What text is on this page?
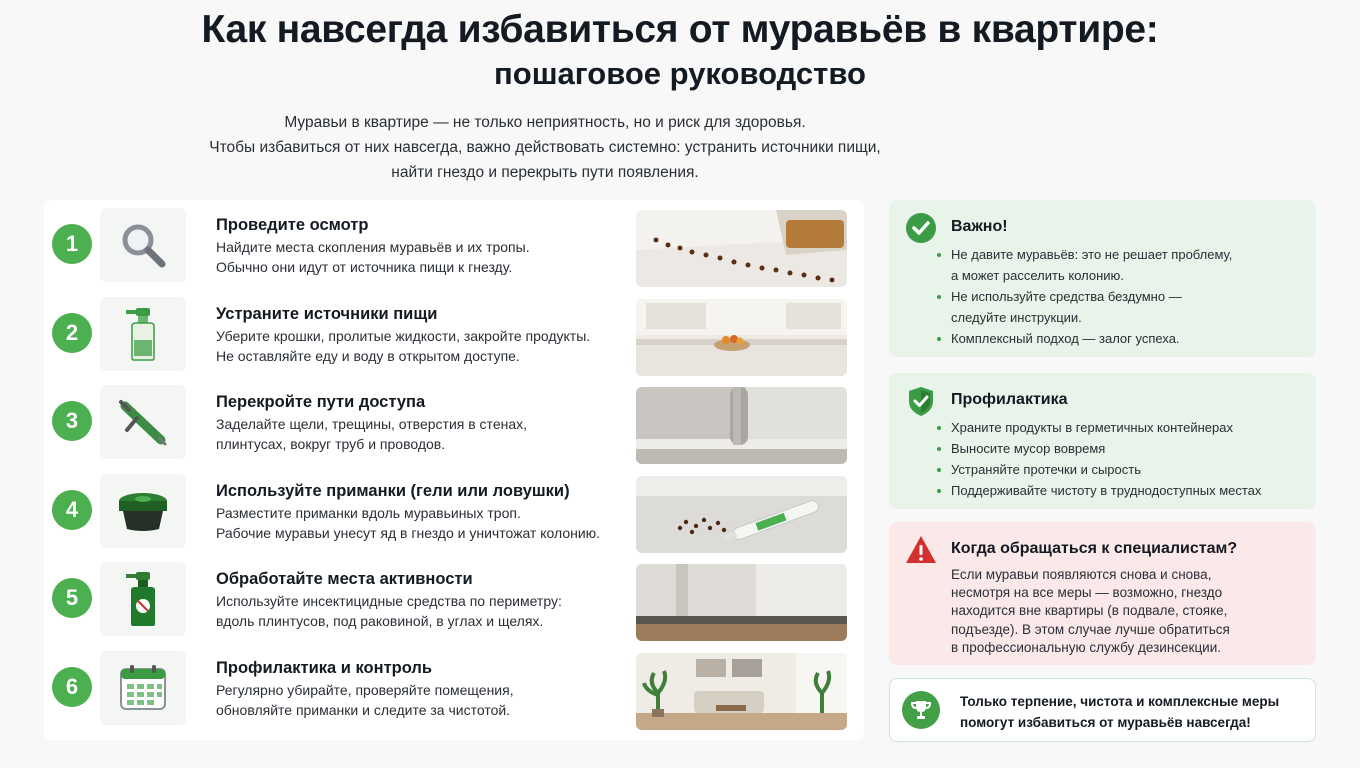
Как навсегда избавиться от муравьёв в квартире:
пошаговое руководство
Муравьи в квартире — не только неприятность, но и риск для здоровья.
Чтобы избавиться от них навсегда, важно действовать системно: устранить источники пищи,
найти гнездо и перекрыть пути появления.
1
Проведите осмотр
Найдите места скопления муравьёв и их тропы.
Обычно они идут от источника пищи к гнезду.
2
Устраните источники пищи
Уберите крошки, пролитые жидкости, закройте продукты.
Не оставляйте еду и воду в открытом доступе.
3
Перекройте пути доступа
Заделайте щели, трещины, отверстия в стенах,
плинтусах, вокруг труб и проводов.
4
Используйте приманки (гели или ловушки)
Разместите приманки вдоль муравьиных троп.
Рабочие муравьи унесут яд в гнездо и уничтожат колонию.
5
Обработайте места активности
Используйте инсектицидные средства по периметру:
вдоль плинтусов, под раковиной, в углах и щелях.
6
Профилактика и контроль
Регулярно убирайте, проверяйте помещения,
обновляйте приманки и следите за чистотой.
Важно!
Не давите муравьёв: это не решает проблему,
а может расселить колонию.
Не используйте средства бездумно —
следуйте инструкции.
Комплексный подход — залог успеха.
Профилактика
Храните продукты в герметичных контейнерах
Выносите мусор вовремя
Устраняйте протечки и сырость
Поддерживайте чистоту в труднодоступных местах
Когда обращаться к специалистам?
Если муравьи появляются снова и снова,
несмотря на все меры — возможно, гнездо
находится вне квартиры (в подвале, стояке,
подъезде). В этом случае лучше обратиться
в профессиональную службу дезинсекции.
Только терпение, чистота и комплексные меры
помогут избавиться от муравьёв навсегда!
